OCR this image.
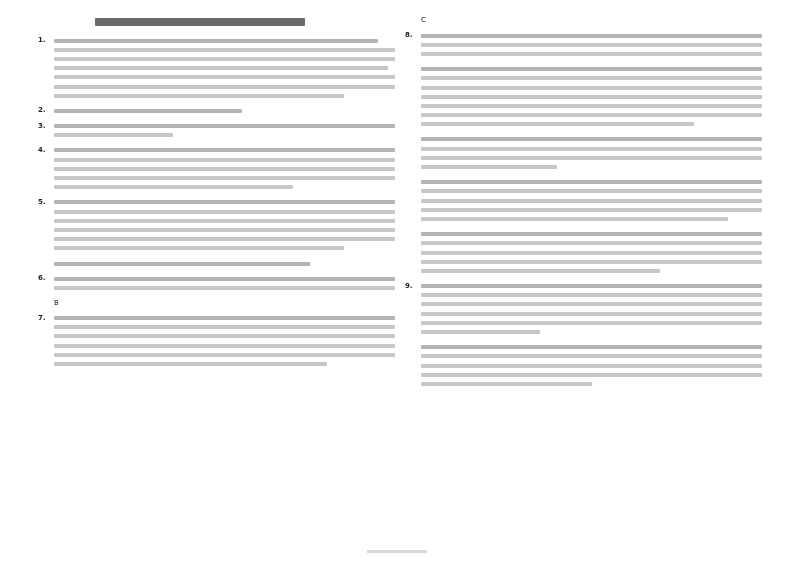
1.
2.
3.
4.
5.
6.
B
7.
C
8.
9.
